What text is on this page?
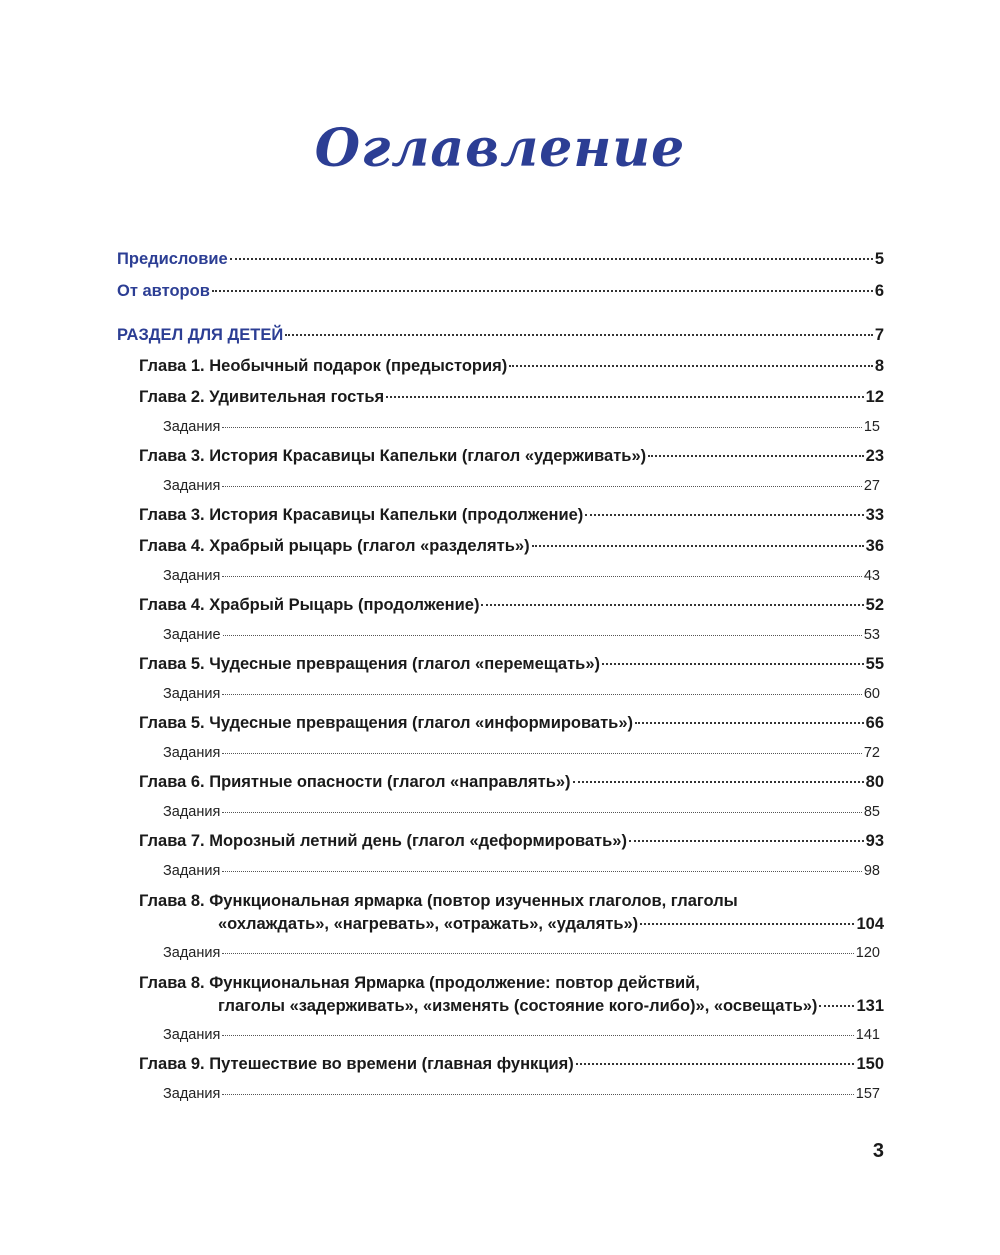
Оглавление
Предисловие	5
От авторов	6
РАЗДЕЛ ДЛЯ ДЕТЕЙ	7
Глава 1. Необычный подарок (предыстория)	8
Глава 2. Удивительная гостья	12
Задания	15
Глава 3. История Красавицы Капельки (глагол «удерживать»)	23
Задания	27
Глава 3. История Красавицы Капельки (продолжение)	33
Глава 4. Храбрый рыцарь (глагол «разделять»)	36
Задания	43
Глава 4. Храбрый Рыцарь (продолжение)	52
Задание	53
Глава 5. Чудесные превращения (глагол «перемещать»)	55
Задания	60
Глава 5. Чудесные превращения (глагол «информировать»)	66
Задания	72
Глава 6. Приятные опасности (глагол «направлять»)	80
Задания	85
Глава 7. Морозный летний день (глагол «деформировать»)	93
Задания	98
Глава 8. Функциональная ярмарка (повтор изученных глаголов, глаголы
«охлаждать», «нагревать», «отражать», «удалять»)	104
Задания	120
Глава 8. Функциональная Ярмарка (продолжение: повтор действий,
глаголы «задерживать», «изменять (состояние кого-либо)», «освещать») 131
Задания	141
Глава 9. Путешествие во времени (главная функция)	150
Задания	157
3
